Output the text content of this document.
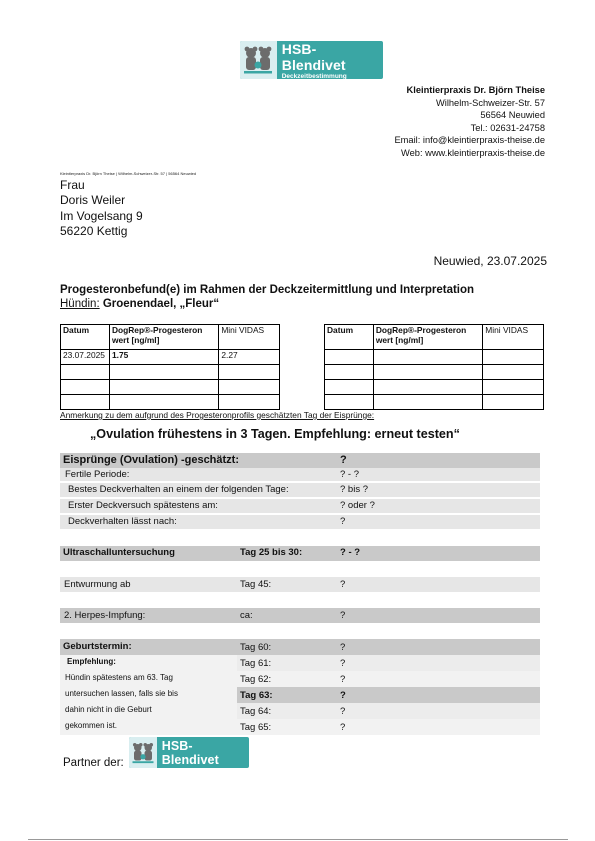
HSB-Blendivet
Deckzeitbestimmung
Kleintierpraxis Dr. Björn Theise
Wilhelm-Schweizer-Str. 57
56564 Neuwied
Tel.: 02631-24758
Email: info@kleintierpraxis-theise.de
Web: www.kleintierpraxis-theise.de
Kleintierpraxis Dr. Björn Theise | Wilhelm-Schweizer-Str. 57 | 56564 Neuwied
Frau
Doris Weiler
Im Vogelsang 9
56220 Kettig
Neuwied, 23.07.2025
Progesteronbefund(e) im Rahmen der Deckzeitermittlung und Interpretation
Hündin: Groenendael, „Fleur“
Datum	DogRep®-Progesteron wert [ng/ml]	Mini VIDAS
23.07.2025	1.75	2.27

Datum	DogRep®-Progesteron wert [ng/ml]	Mini VIDAS

Anmerkung zu dem aufgrund des Progesteronprofils geschätzten Tag der Eisprünge:
„Ovulation frühestens in 3 Tagen. Empfehlung: erneut testen“
Eisprünge (Ovulation) -geschätzt:	?
Fertile Periode:	? - ?
Bestes Deckverhalten an einem der folgenden Tage:	? bis ?
Erster Deckversuch spätestens am:	? oder ?
Deckverhalten lässt nach:	?
Ultraschalluntersuchung	Tag 25 bis 30:	? - ?
Entwurmung ab	Tag 45:	?
2. Herpes-Impfung:	ca:	?
Geburtstermin:
Empfehlung:
Hündin spätestens am 63. Tag
untersuchen lassen, falls sie bis
dahin nicht in die Geburt
gekommen ist.
Tag 60:	?
Tag 61:	?
Tag 62:	?
Tag 63:	?
Tag 64:	?
Tag 65:	?
Partner der:
HSB-Blendivet
